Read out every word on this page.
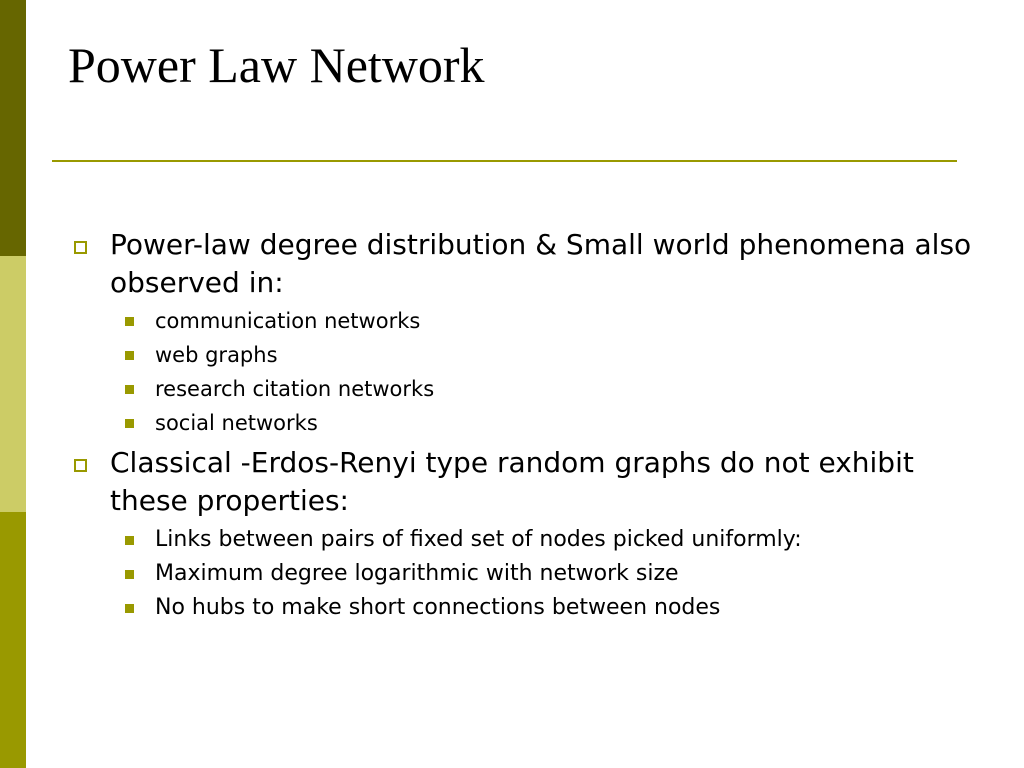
Power Law Network
Power-law degree distribution & Small world phenomena also observed in:
communication networks
web graphs
research citation networks
social networks
Classical -Erdos-Renyi type random graphs do not exhibit these properties:
Links between pairs of fixed set of nodes picked uniformly:
Maximum degree logarithmic with network size
No hubs to make short connections between nodes
